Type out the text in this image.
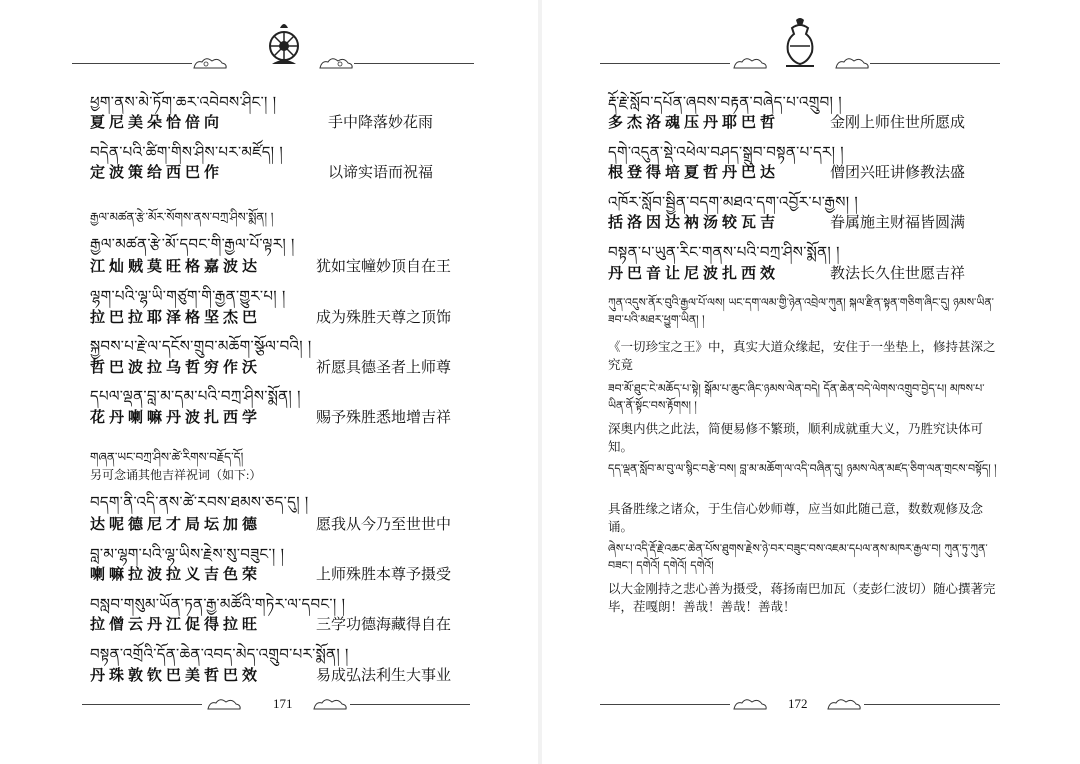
ཕྱག་ནས་མེ་ཏོག་ཆར་འབེབས་ཤིང་། །
夏尼美朵恰倍向	手中降落妙花雨
བདེན་པའི་ཚིག་གིས་ཤིས་པར་མཛོད། །
定波策给西巴作	以谛实语而祝福
རྒྱལ་མཚན་རྩེ་མོར་སོགས་ནས་བཀྲ་ཤིས་སྨོན། །
རྒྱལ་མཚན་རྩེ་མོ་དབང་གི་རྒྱལ་པོ་ལྟར། །
江灿贼莫旺格嘉波达	犹如宝幢妙顶自在王
ལྷག་པའི་ལྷ་ཡི་གཙུག་གི་རྒྱན་གྱུར་པ། །
拉巴拉耶泽格坚杰巴	成为殊胜天尊之顶饰
སྐྱབས་པ་རྗེ་ལ་དངོས་གྲུབ་མཆོག་སྩོལ་བའི། །
哲巴波拉乌哲穷作沃	祈愿具德圣者上师尊
དཔལ་ལྡན་བླ་མ་དམ་པའི་བཀྲ་ཤིས་སྨོན། །
花丹喇嘛丹波扎西学	赐予殊胜悉地增吉祥
གཞན་ཡང་བཀྲ་ཤིས་ཚེ་རིགས་བརྗོད་དོ།
另可念诵其他吉祥祝词（如下:）
བདག་ནི་འདི་ནས་ཚེ་རབས་ཐམས་ཅད་དུ། །
达呢德尼才局坛加德	愿我从今乃至世世中
བླ་མ་ལྷག་པའི་ལྷ་ཡིས་རྗེས་སུ་བཟུང་། །
喇嘛拉波拉义吉色荣	上师殊胜本尊予摄受
བསླབ་གསུམ་ཡོན་ཏན་རྒྱ་མཚོའི་གཏེར་ལ་དབང་། །
拉僧云丹江促得拉旺	三学功德海藏得自在
བསྟན་འགྲོའི་དོན་ཆེན་འབད་མེད་འགྲུབ་པར་སྨོན། །
丹珠敦钦巴美哲巴效	易成弘法利生大事业
171
རྡོ་རྗེ་སློབ་དཔོན་ཞབས་བརྟན་བཞེད་པ་འགྲུབ། །
多杰洛魂压丹耶巴哲	金刚上师住世所愿成
དགེ་འདུན་སྡེ་འཕེལ་བཤད་སྒྲུབ་བསྟན་པ་དར། །
根登得培夏哲丹巴达	僧团兴旺讲修教法盛
འཁོར་སློབ་སྦྱིན་བདག་མཐའ་དག་འབྱོར་པ་རྒྱས། །
括洛因达衲汤较瓦吉	眷属施主财福皆圆满
བསྟན་པ་ཡུན་རིང་གནས་པའི་བཀྲ་ཤིས་སྨོན། །
丹巴音让尼波扎西效	教法长久住世愿吉祥
ཀུན་འདུས་ནོར་བུའི་རྒྱལ་པོ་ལས། ཡང་དག་ལམ་གྱི་ཉེན་འབྲེལ་ཀུན། སྐལ་རྫིན་སྟན་གཅིག་ཞིང་དུ། ཉམས་ཡིན་ཟབ་པའི་མཐར་ཕྱུག་ཡིན། །
《一切珍宝之王》中，真实大道众缘起，安住于一坐垫上，修持甚深之究竟
ཟབ་མོ་ཐུང་ངེ་མཆོད་པ་སྟེ། སྒོམ་པ་ཆུང་ཞིང་ཉམས་ལེན་བདེ། དོན་ཆེན་བདེ་ལེགས་འགྲུབ་བྱེད་པ། མཁས་པ་ཡིན་ནོ་སྟོང་བས་རྟོགས། །
深奥内供之此法，简便易修不繁琐，顺利成就重大义，乃胜究诀体可知。
དད་ལྡན་སློབ་མ་བུ་ལ་སྙིང་བརྩེ་བས། བླ་མ་མཆོག་ལ་འདི་བཞིན་དུ། ཉམས་ལེན་མཛད་ཅིག་ལན་གྲངས་བསྟོད། །
具备胜缘之诸众，于生信心妙师尊，应当如此随己意，数数观修及念诵。
ཞེས་པ་འདི་རྡོ་རྗེ་འཆང་ཆེན་པོས་ཐུགས་རྗེས་ཉེ་བར་བཟུང་བས་འཇམ་དཔལ་ནས་མཁར་རྒྱལ་བ། ཀུན་ཏུ་ཀུན་བཟང་། དགེའོ། དགེའོ། དགེའོ།
以大金刚持之悲心善为摄受，蒋扬南巴加瓦（麦彭仁波切）随心撰著完毕，茬嘎朗！善哉！善哉！善哉！
172
